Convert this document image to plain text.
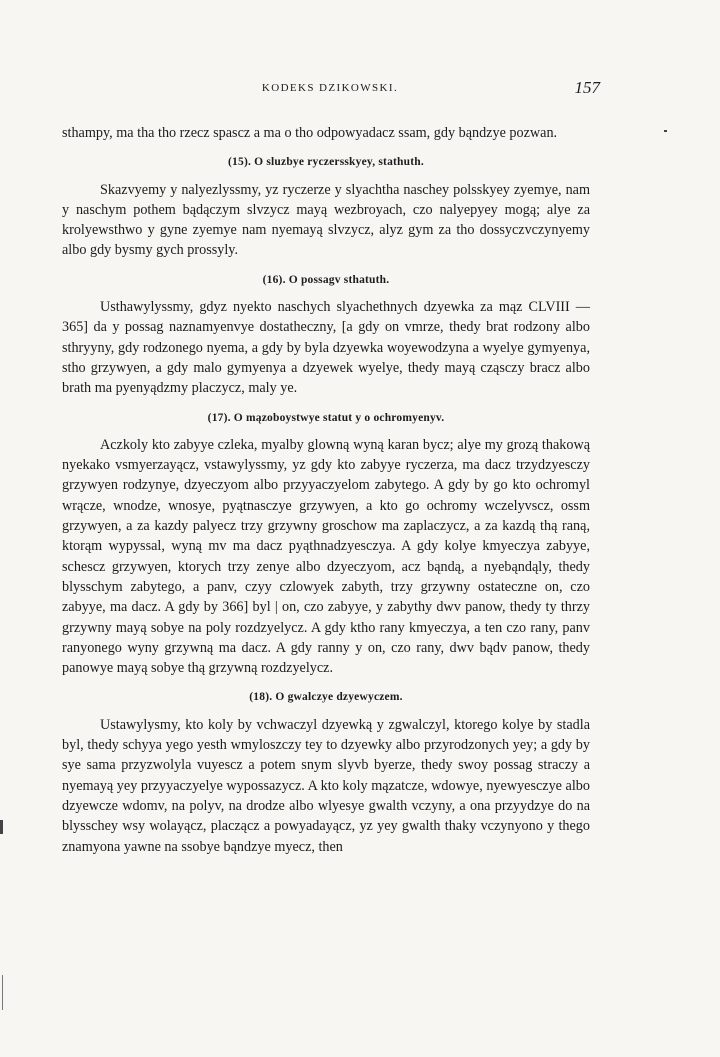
KODEKS DZIKOWSKI.	157

sthampy, ma tha tho rzecz spascz a ma o tho odpowyadacz ssam, gdy bąndzye pozwan.

(15). O sluzbye ryczersskyey, stathuth.

Skazvyemy y nalyezlyssmy, yz ryczerze y slyachtha naschey polsskyey zyemye, nam y naschym pothem bądączym slvzycz mayą wezbroyach, czo nalyepyey mogą; alye za krolyewsthwo y gyne zyemye nam nyemayą slvzycz, alyz gym za tho dossyczvczynyemy albo gdy bysmy gych prossyly.

(16). O possagv sthatuth.

Usthawylyssmy, gdyz nyekto naschych slyachethnych dzyewka za mąz CLVIII — 365] da y possag naznamyenvye dostatheczny, [a gdy on vmrze, thedy brat rodzony albo sthryyny, gdy rodzonego nyema, a gdy by byla dzyewka woyewodzyna a wyelye gymyenya, stho grzywyen, a gdy malo gymyenya a dzyewek wyelye, thedy mayą cząsczy bracz albo brath ma pyenyądzmy placzycz, maly ye.

(17). O mązoboystwye statut y o ochromyenyv.

Aczkoly kto zabyye czleka, myalby glowną wyną karan bycz; alye my grozą thakową nyekako vsmyerzayącz, vstawylyssmy, yz gdy kto zabyye ryczerza, ma dacz trzydzyesczy grzywyen rodzynye, dzyeczyom albo przyyaczyelom zabytego. A gdy by go kto ochromyl wrącze, wnodze, wnosye, pyątnasczye grzywyen, a kto go ochromy wczelyvscz, ossm grzywyen, a za kazdy palyecz trzy grzywny groschow ma zaplaczycz, a za kazdą thą raną, ktorąm wypyssal, wyną mv ma dacz pyąthnadzyesczya. A gdy kolye kmyeczya zabyye, schescz grzywyen, ktorych trzy zenye albo dzyeczyom, acz bąndą, a nyebąndąly, thedy blysschym zabytego, a panv, czyy czlowyek zabyth, trzy grzywny ostateczne on, czo zabyye, ma dacz. A gdy by 366] byl | on, czo zabyye, y zabythy dwv panow, thedy ty thrzy grzywny mayą sobye na poly rozdzyelycz. A gdy ktho rany kmyeczya, a ten czo rany, panv ranyonego wyny grzywną ma dacz. A gdy ranny y on, czo rany, dwv bądv panow, thedy panowye mayą sobye thą grzywną rozdzyelycz.

(18). O gwalczye dzyewyczem.

Ustawylysmy, kto koly by vchwaczyl dzyewką y zgwalczyl, ktorego kolye by stadla byl, thedy schyya yego yesth wmyloszczy tey to dzyewky albo przyrodzonych yey; a gdy by sye sama przyzwolyla vuyescz a potem snym slyvb byerze, thedy swoy possag straczy a nyemayą yey przyyaczyelye wypossazycz. A kto koly mązatcze, wdowye, nyewyesczye albo dzyewcze wdomv, na polyv, na drodze albo wlyesye gwalth vczyny, a ona przyydzye do na blysschey wsy wolayącz, placzącz a powyadayącz, yz yey gwalth thaky vczynyono y thego znamyona yawne na ssobye bąndzye myecz, then
